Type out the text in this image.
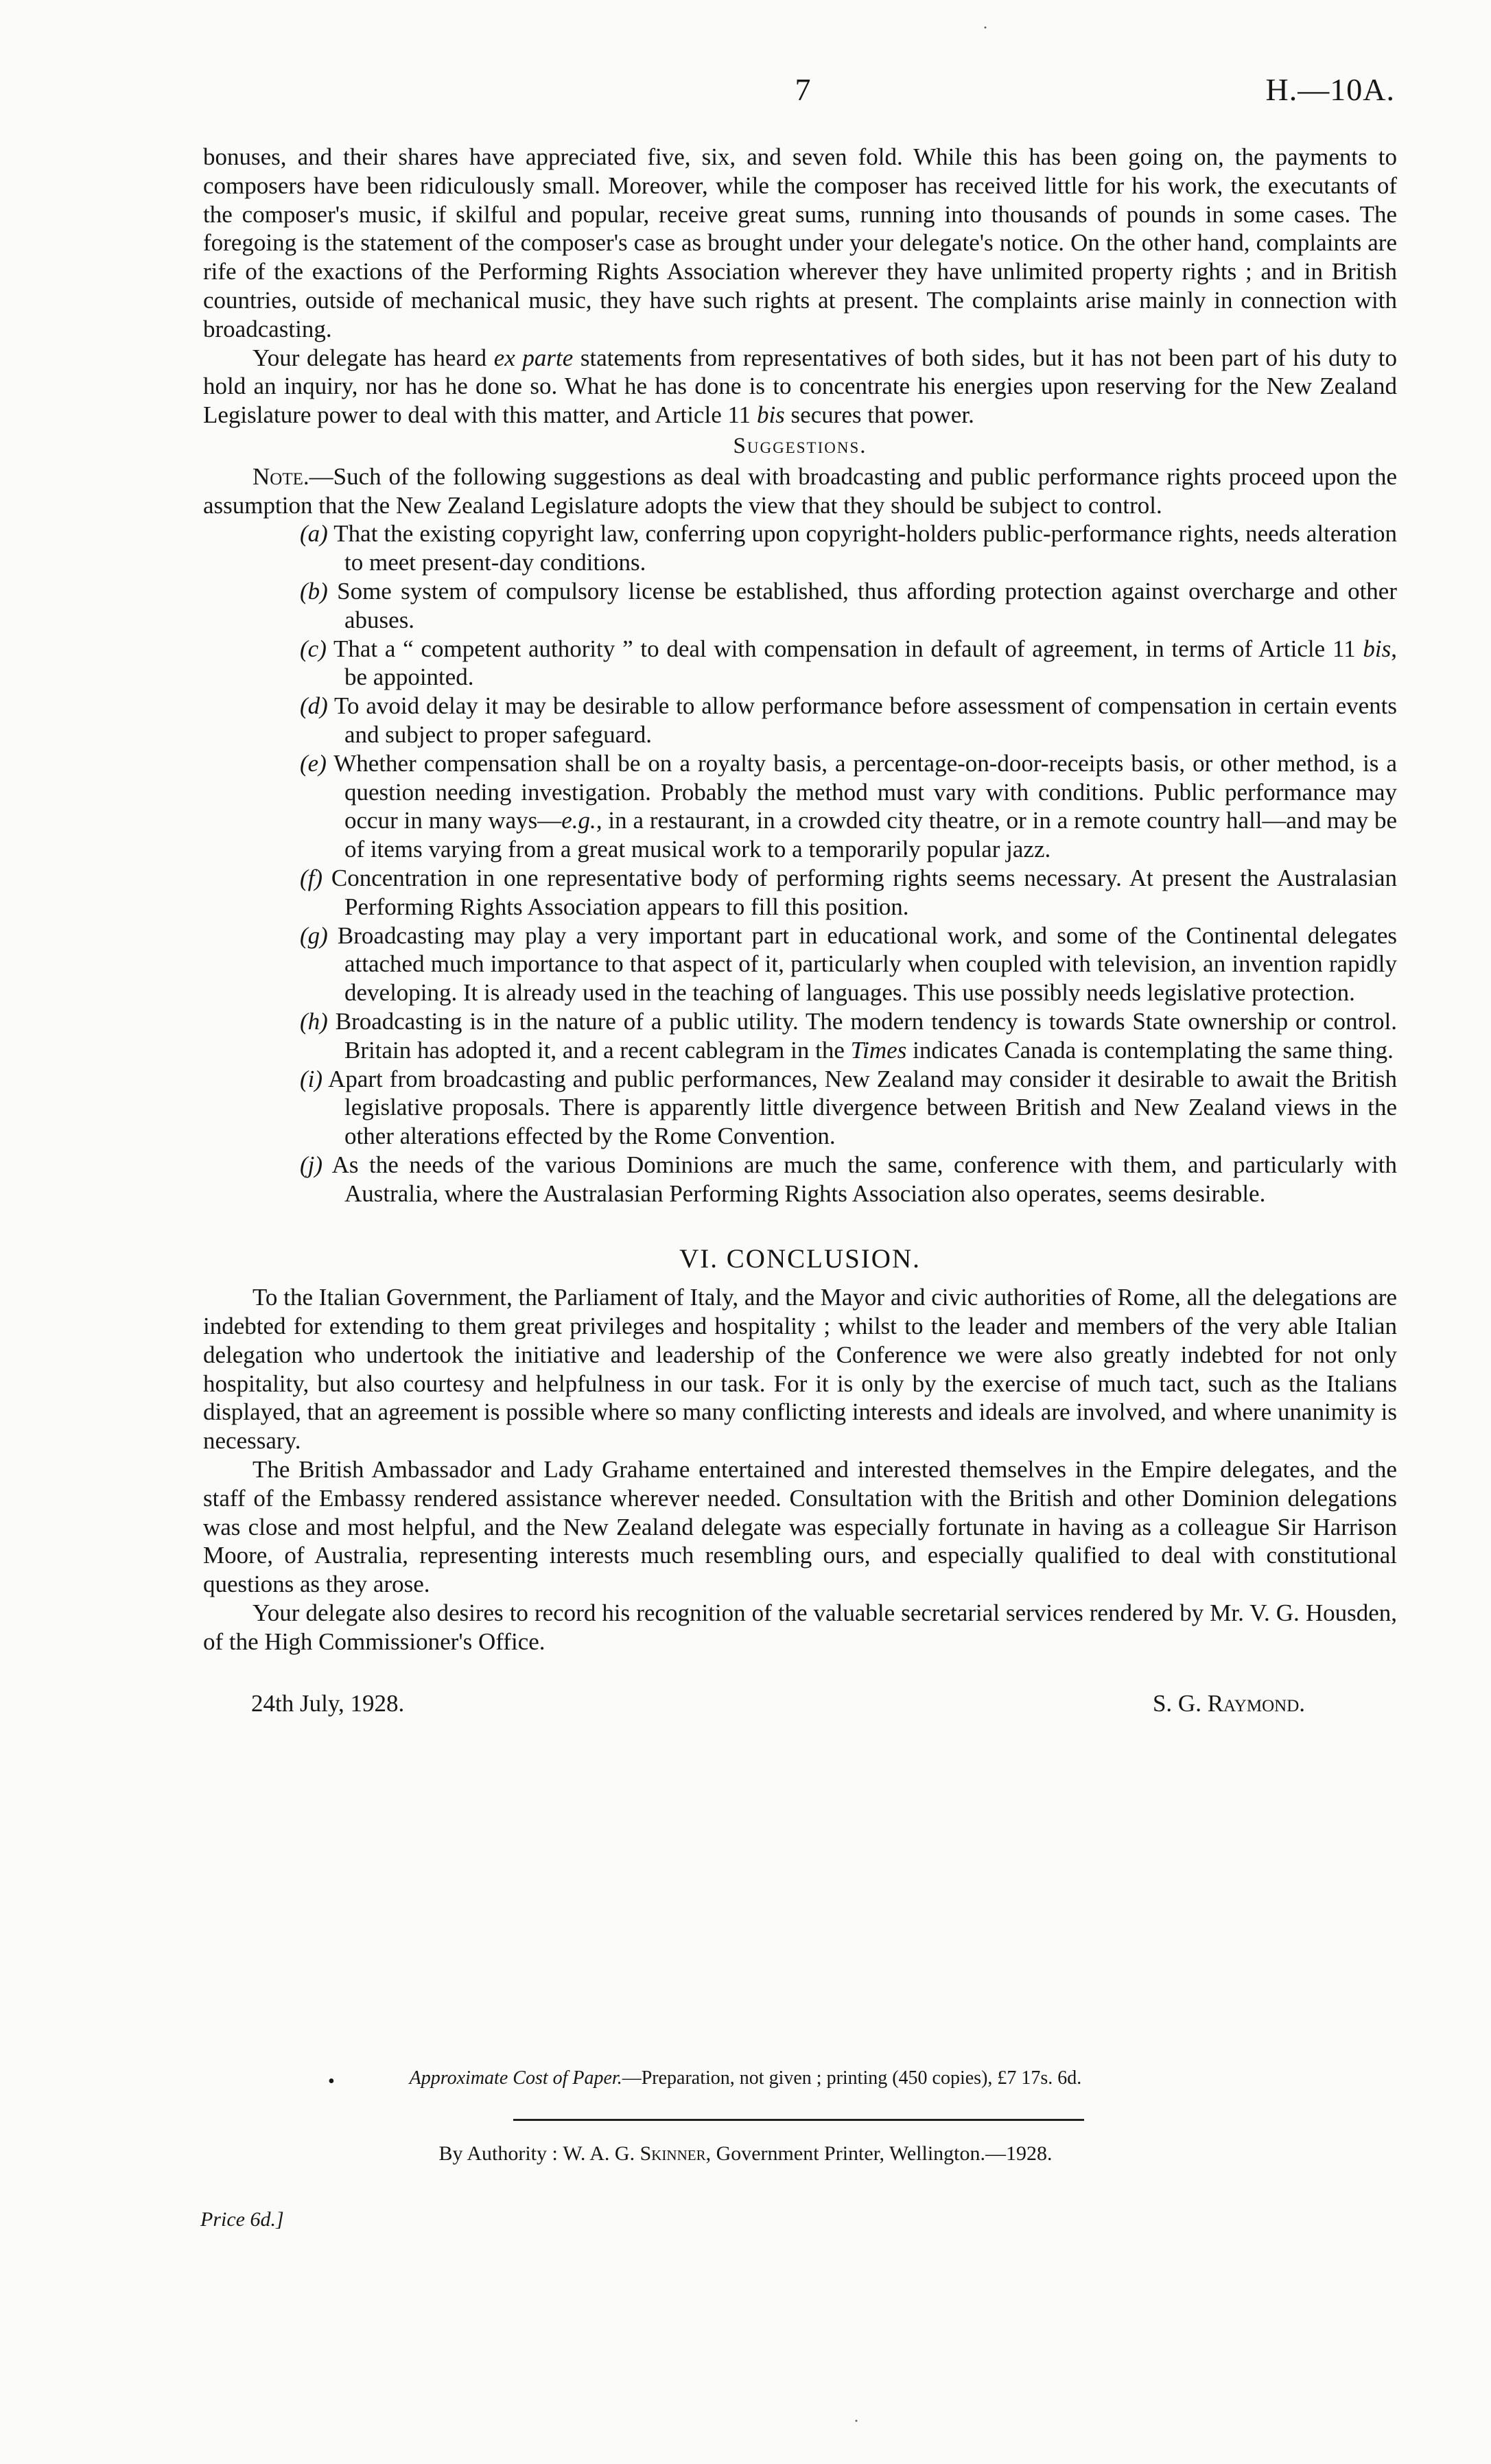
·
7	H.—10A.

bonuses, and their shares have appreciated five, six, and seven fold. While this has been going on, the payments to composers have been ridiculously small. Moreover, while the composer has received little for his work, the executants of the composer's music, if skilful and popular, receive great sums, running into thousands of pounds in some cases. The foregoing is the statement of the composer's case as brought under your delegate's notice. On the other hand, complaints are rife of the exactions of the Performing Rights Association wherever they have unlimited property rights ; and in British countries, outside of mechanical music, they have such rights at present. The complaints arise mainly in connection with broadcasting.

Your delegate has heard ex parte statements from representatives of both sides, but it has not been part of his duty to hold an inquiry, nor has he done so. What he has done is to concentrate his energies upon reserving for the New Zealand Legislature power to deal with this matter, and Article 11 bis secures that power.

Suggestions.

Note.—Such of the following suggestions as deal with broadcasting and public performance rights proceed upon the assumption that the New Zealand Legislature adopts the view that they should be subject to control.

(a) That the existing copyright law, conferring upon copyright-holders public-performance rights, needs alteration to meet present-day conditions.

(b) Some system of compulsory license be established, thus affording protection against overcharge and other abuses.

(c) That a “ competent authority ” to deal with compensation in default of agreement, in terms of Article 11 bis, be appointed.

(d) To avoid delay it may be desirable to allow performance before assessment of compensation in certain events and subject to proper safeguard.

(e) Whether compensation shall be on a royalty basis, a percentage-on-door-receipts basis, or other method, is a question needing investigation. Probably the method must vary with conditions. Public performance may occur in many ways—e.g., in a restaurant, in a crowded city theatre, or in a remote country hall—and may be of items varying from a great musical work to a temporarily popular jazz.

(f) Concentration in one representative body of performing rights seems necessary. At present the Australasian Performing Rights Association appears to fill this position.

(g) Broadcasting may play a very important part in educational work, and some of the Continental delegates attached much importance to that aspect of it, particularly when coupled with television, an invention rapidly developing. It is already used in the teaching of languages. This use possibly needs legislative protection.

(h) Broadcasting is in the nature of a public utility. The modern tendency is towards State ownership or control. Britain has adopted it, and a recent cablegram in the Times indicates Canada is contemplating the same thing.

(i) Apart from broadcasting and public performances, New Zealand may consider it desirable to await the British legislative proposals. There is apparently little divergence between British and New Zealand views in the other alterations effected by the Rome Convention.

(j) As the needs of the various Dominions are much the same, conference with them, and particularly with Australia, where the Australasian Performing Rights Association also operates, seems desirable.

VI. CONCLUSION.

To the Italian Government, the Parliament of Italy, and the Mayor and civic authorities of Rome, all the delegations are indebted for extending to them great privileges and hospitality ; whilst to the leader and members of the very able Italian delegation who undertook the initiative and leadership of the Conference we were also greatly indebted for not only hospitality, but also courtesy and helpfulness in our task. For it is only by the exercise of much tact, such as the Italians displayed, that an agreement is possible where so many conflicting interests and ideals are involved, and where unanimity is necessary.

The British Ambassador and Lady Grahame entertained and interested themselves in the Empire delegates, and the staff of the Embassy rendered assistance wherever needed. Consultation with the British and other Dominion delegations was close and most helpful, and the New Zealand delegate was especially fortunate in having as a colleague Sir Harrison Moore, of Australia, representing interests much resembling ours, and especially qualified to deal with constitutional questions as they arose.

Your delegate also desires to record his recognition of the valuable secretarial services rendered by Mr. V. G. Housden, of the High Commissioner's Office.

24th July, 1928.	S. G. Raymond.
•	Approximate Cost of Paper.—Preparation, not given ; printing (450 copies), £7 17s. 6d.
By Authority : W. A. G. Skinner, Government Printer, Wellington.—1928.
Price 6d.]
·
